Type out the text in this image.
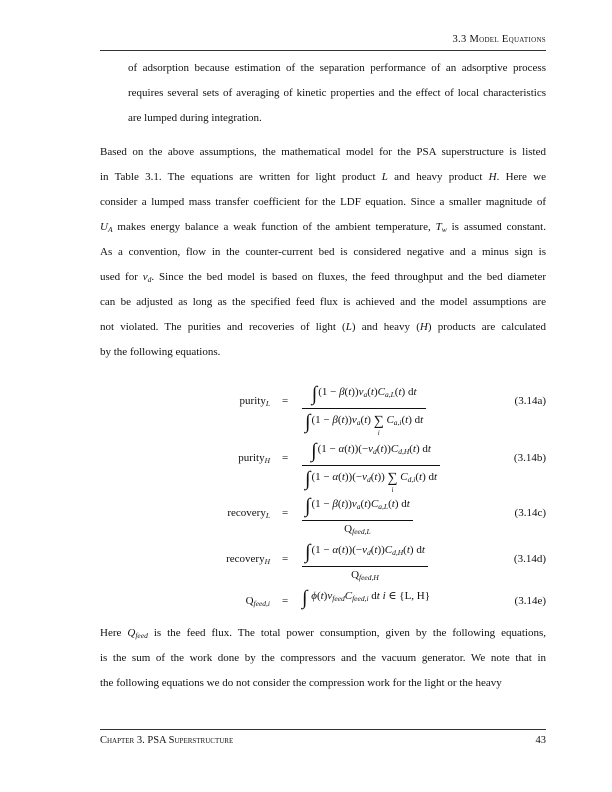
3.3 Model Equations
of adsorption because estimation of the separation performance of an adsorptive process
requires several sets of averaging of kinetic properties and the effect of local characteristics
are lumped during integration.
Based on the above assumptions, the mathematical model for the PSA superstructure is listed
in Table 3.1. The equations are written for light product L and heavy product H. Here we
consider a lumped mass transfer coefficient for the LDF equation. Since a smaller magnitude of
UA makes energy balance a weak function of the ambient temperature, Tw is assumed constant.
As a convention, flow in the counter-current bed is considered negative and a minus sign is
used for vd. Since the bed model is based on fluxes, the feed throughput and the bed diameter
can be adjusted as long as the specified feed flux is achieved and the model assumptions are
not violated. The purities and recoveries of light (L) and heavy (H) products are calculated
by the following equations.
Here Qfeed is the feed flux. The total power consumption, given by the following equations,
is the sum of the work done by the compressors and the vacuum generator. We note that in
the following equations we do not consider the compression work for the light or the heavy
purityL = ∫(1 − β(t))va(t)Ca,L(t) dt
∫(1 − β(t))va(t) ∑
i
Ca,i(t) dt	(3.14a)
purityH = ∫(1 − α(t))(−vd(t))Cd,H(t) dt
∫(1 − α(t))(−vd(t)) ∑
i
Cd,i(t) dt	(3.14b)
recoveryL = ∫(1 − β(t))va(t)Ca,L(t) dt
Qfeed,L
(3.14c)
recoveryH = ∫(1 − α(t))(−vd(t))Cd,H(t) dt
Qfeed,H
(3.14d)
Qfeed,i = ∫ ϕ(t)vfeedCfeed,i dt i ∈ {L, H}	(3.14e)
Chapter 3. PSA Superstructure	43
